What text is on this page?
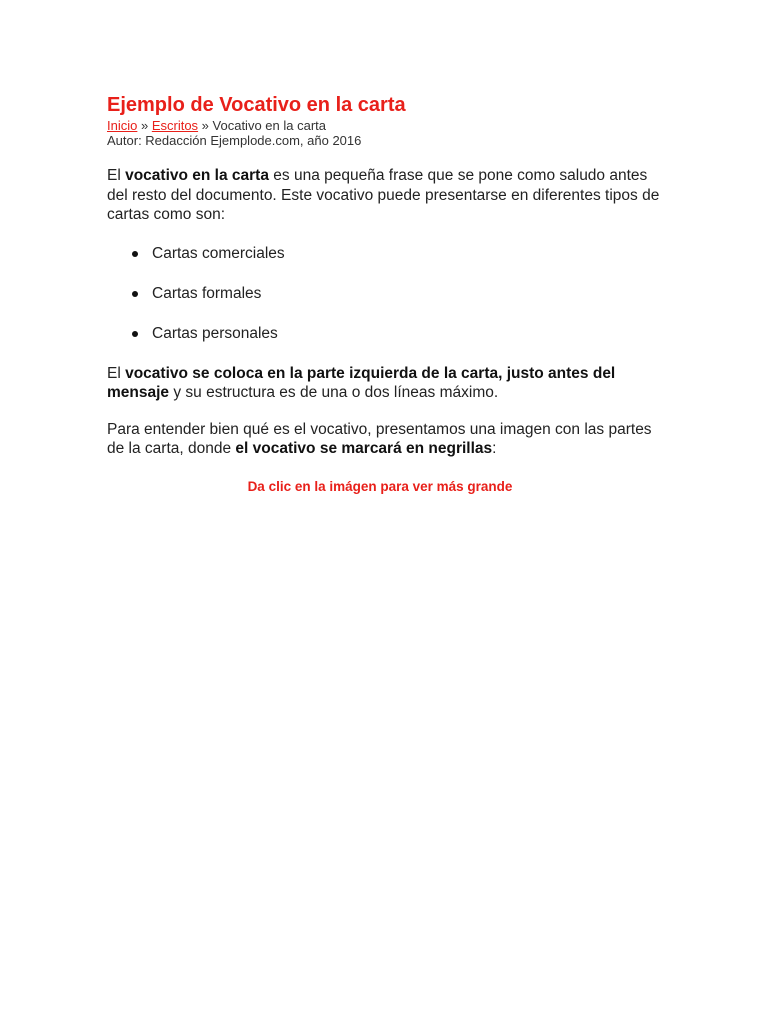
Ejemplo de Vocativo en la carta
Inicio » Escritos » Vocativo en la carta
Autor: Redacción Ejemplode.com, año 2016

El vocativo en la carta es una pequeña frase que se pone como saludo antes del resto del documento. Este vocativo puede presentarse en diferentes tipos de cartas como son:

Cartas comerciales
Cartas formales
Cartas personales

El vocativo se coloca en la parte izquierda de la carta, justo antes del mensaje y su estructura es de una o dos líneas máximo.

Para entender bien qué es el vocativo, presentamos una imagen con las partes de la carta, donde el vocativo se marcará en negrillas:

Da clic en la imágen para ver más grande
